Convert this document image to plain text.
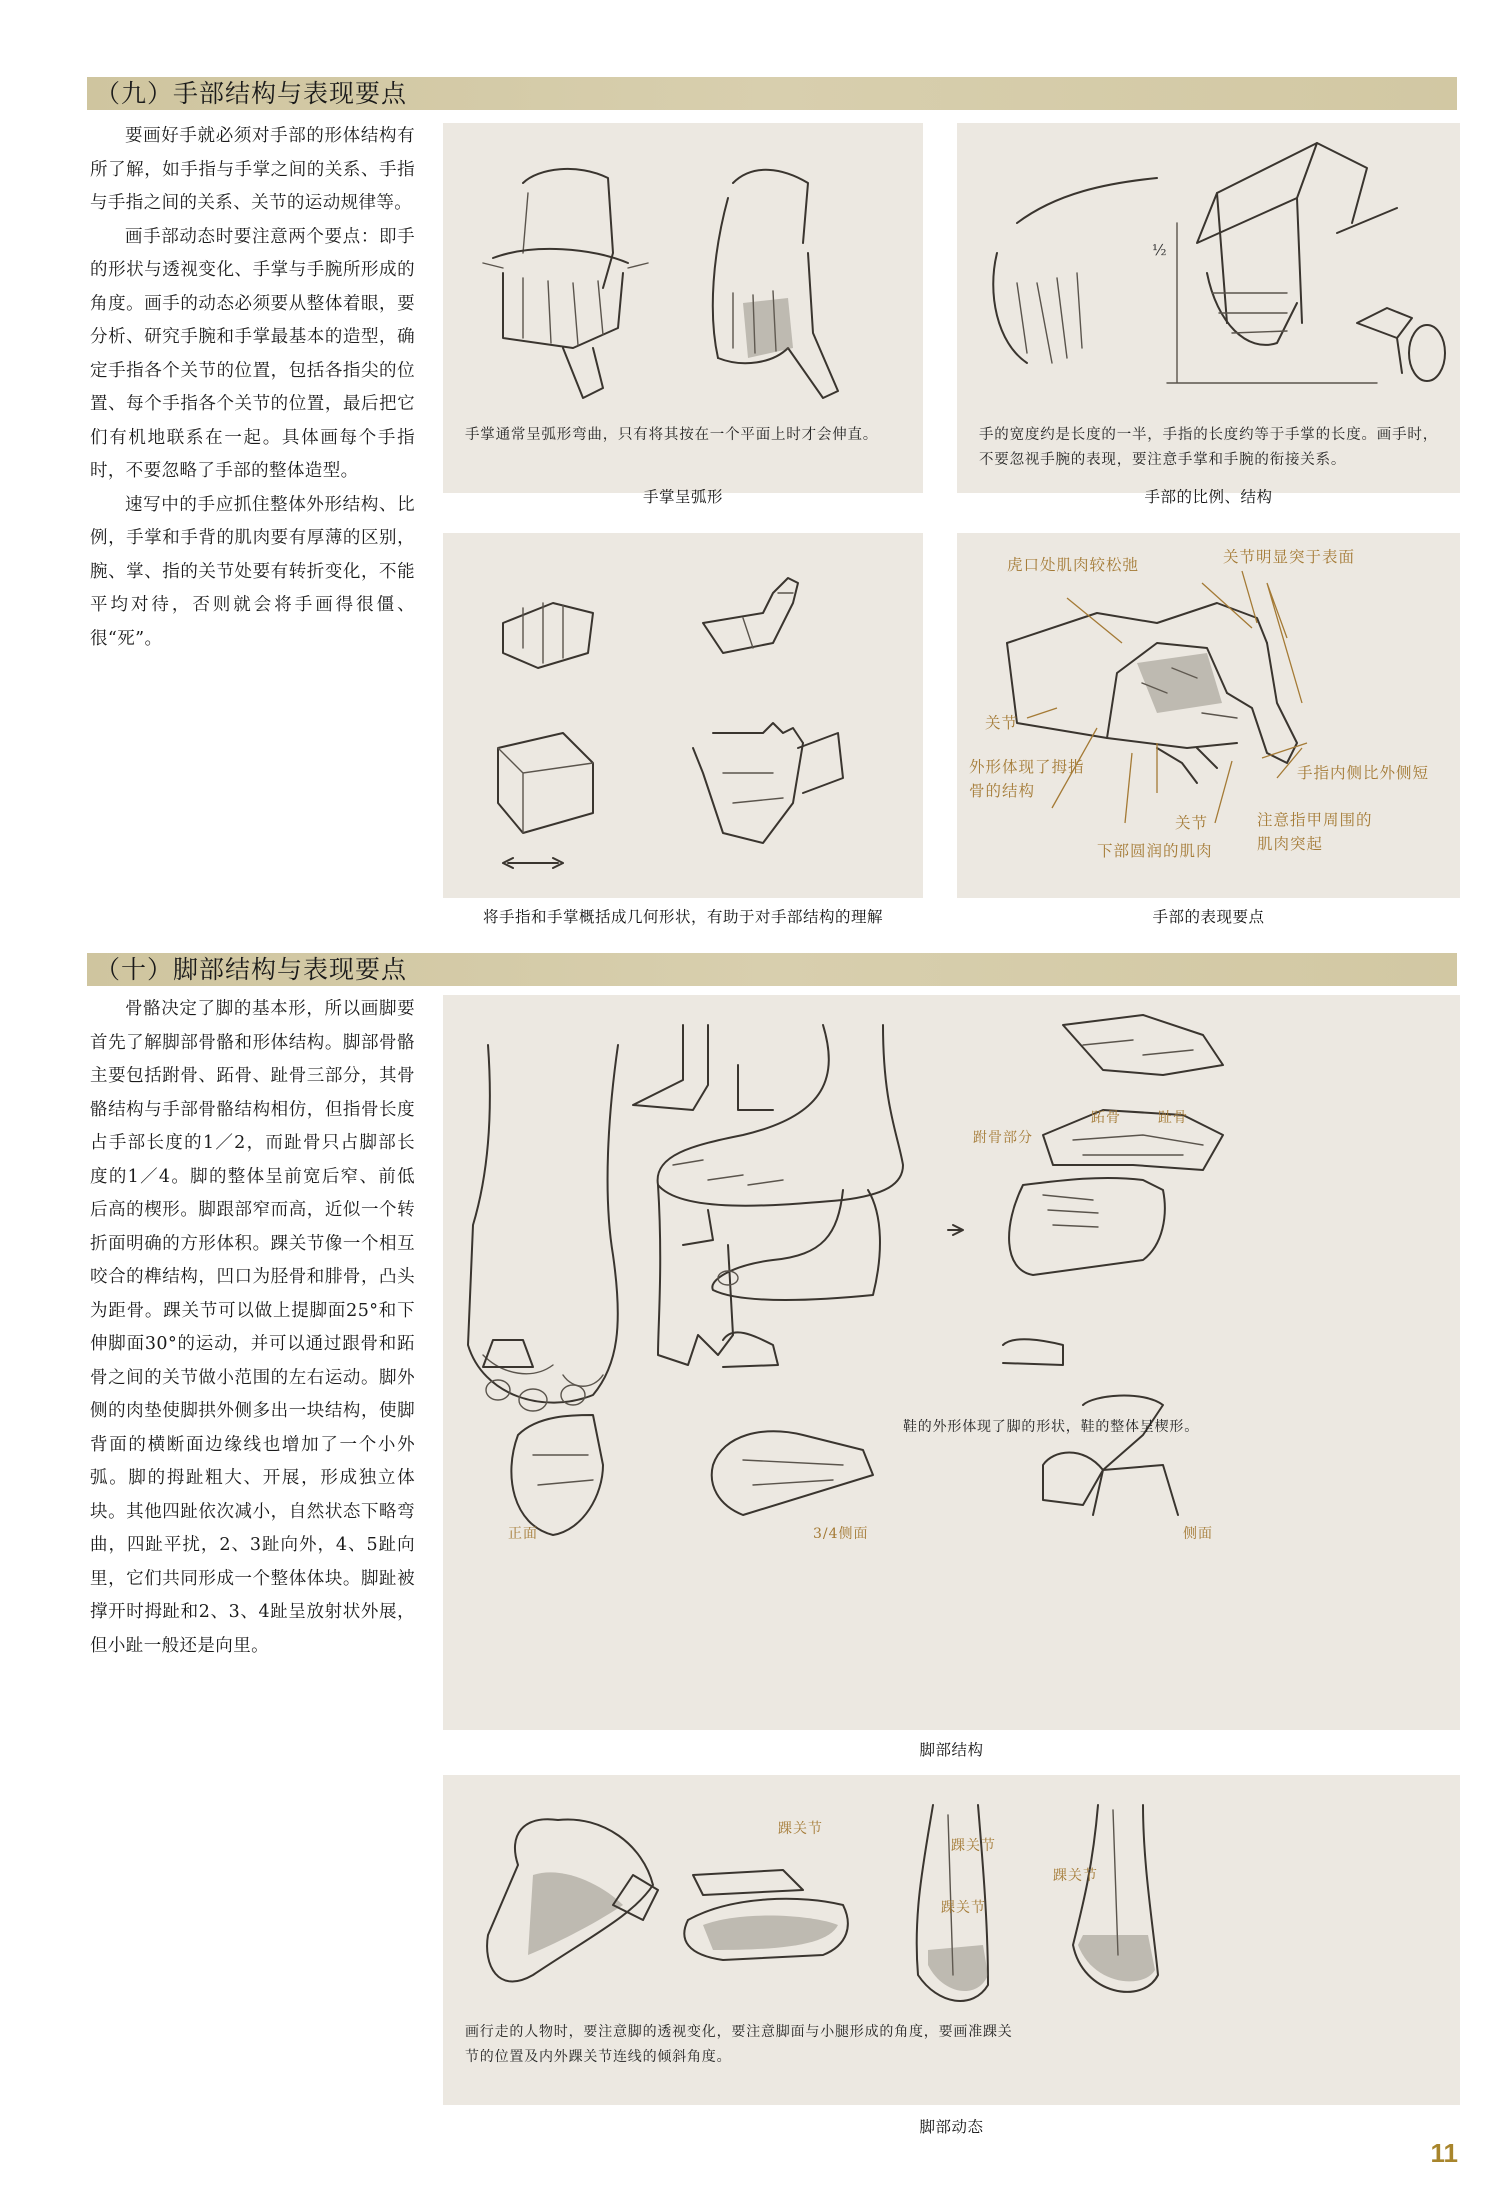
（九）手部结构与表现要点

要画好手就必须对手部的形体结构有所了解，如手指与手掌之间的关系、手指与手指之间的关系、关节的运动规律等。

画手部动态时要注意两个要点：即手的形状与透视变化、手掌与手腕所形成的角度。画手的动态必须要从整体着眼，要分析、研究手腕和手掌最基本的造型，确定手指各个关节的位置，包括各指尖的位置、每个手指各个关节的位置，最后把它们有机地联系在一起。具体画每个手指时，不要忽略了手部的整体造型。

速写中的手应抓住整体外形结构、比例，手掌和手背的肌肉要有厚薄的区别，腕、掌、指的关节处要有转折变化，不能平均对待，否则就会将手画得很僵、很“死”。

手掌通常呈弧形弯曲，只有将其按在一个平面上时才会伸直。
手掌呈弧形
½
手的宽度约是长度的一半，手指的长度约等于手掌的长度。画手时，不要忽视手腕的表现，要注意手掌和手腕的衔接关系。
手部的比例、结构
将手指和手掌概括成几何形状，有助于对手部结构的理解
虎口处肌肉较松弛	关节明显突于表面
关节
外形体现了拇指骨的结构
关节
下部圆润的肌肉
手指内侧比外侧短
注意指甲周围的肌肉突起
手部的表现要点
（十）脚部结构与表现要点

骨骼决定了脚的基本形，所以画脚要首先了解脚部骨骼和形体结构。脚部骨骼主要包括跗骨、跖骨、趾骨三部分，其骨骼结构与手部骨骼结构相仿，但指骨长度占手部长度的1／2，而趾骨只占脚部长度的1／4。脚的整体呈前宽后窄、前低后高的楔形。脚跟部窄而高，近似一个转折面明确的方形体积。踝关节像一个相互咬合的榫结构，凹口为胫骨和腓骨，凸头为距骨。踝关节可以做上提脚面25°和下伸脚面30°的运动，并可以通过跟骨和跖骨之间的关节做小范围的左右运动。脚外侧的肉垫使脚拱外侧多出一块结构，使脚背面的横断面边缘线也增加了一个小外弧。脚的拇趾粗大、开展，形成独立体块。其他四趾依次减小，自然状态下略弯曲，四趾平扰，2、3趾向外，4、5趾向里，它们共同形成一个整体体块。脚趾被撑开时拇趾和2、3、4趾呈放射状外展，但小趾一般还是向里。

跗骨部分
跖骨	趾骨
鞋的外形体现了脚的形状，鞋的整体呈楔形。
正面	3/4侧面	侧面
脚部结构
踝关节
踝关节
踝关节
踝关节
画行走的人物时，要注意脚的透视变化，要注意脚面与小腿形成的角度，要画准踝关节的位置及内外踝关节连线的倾斜角度。
脚部动态
11
